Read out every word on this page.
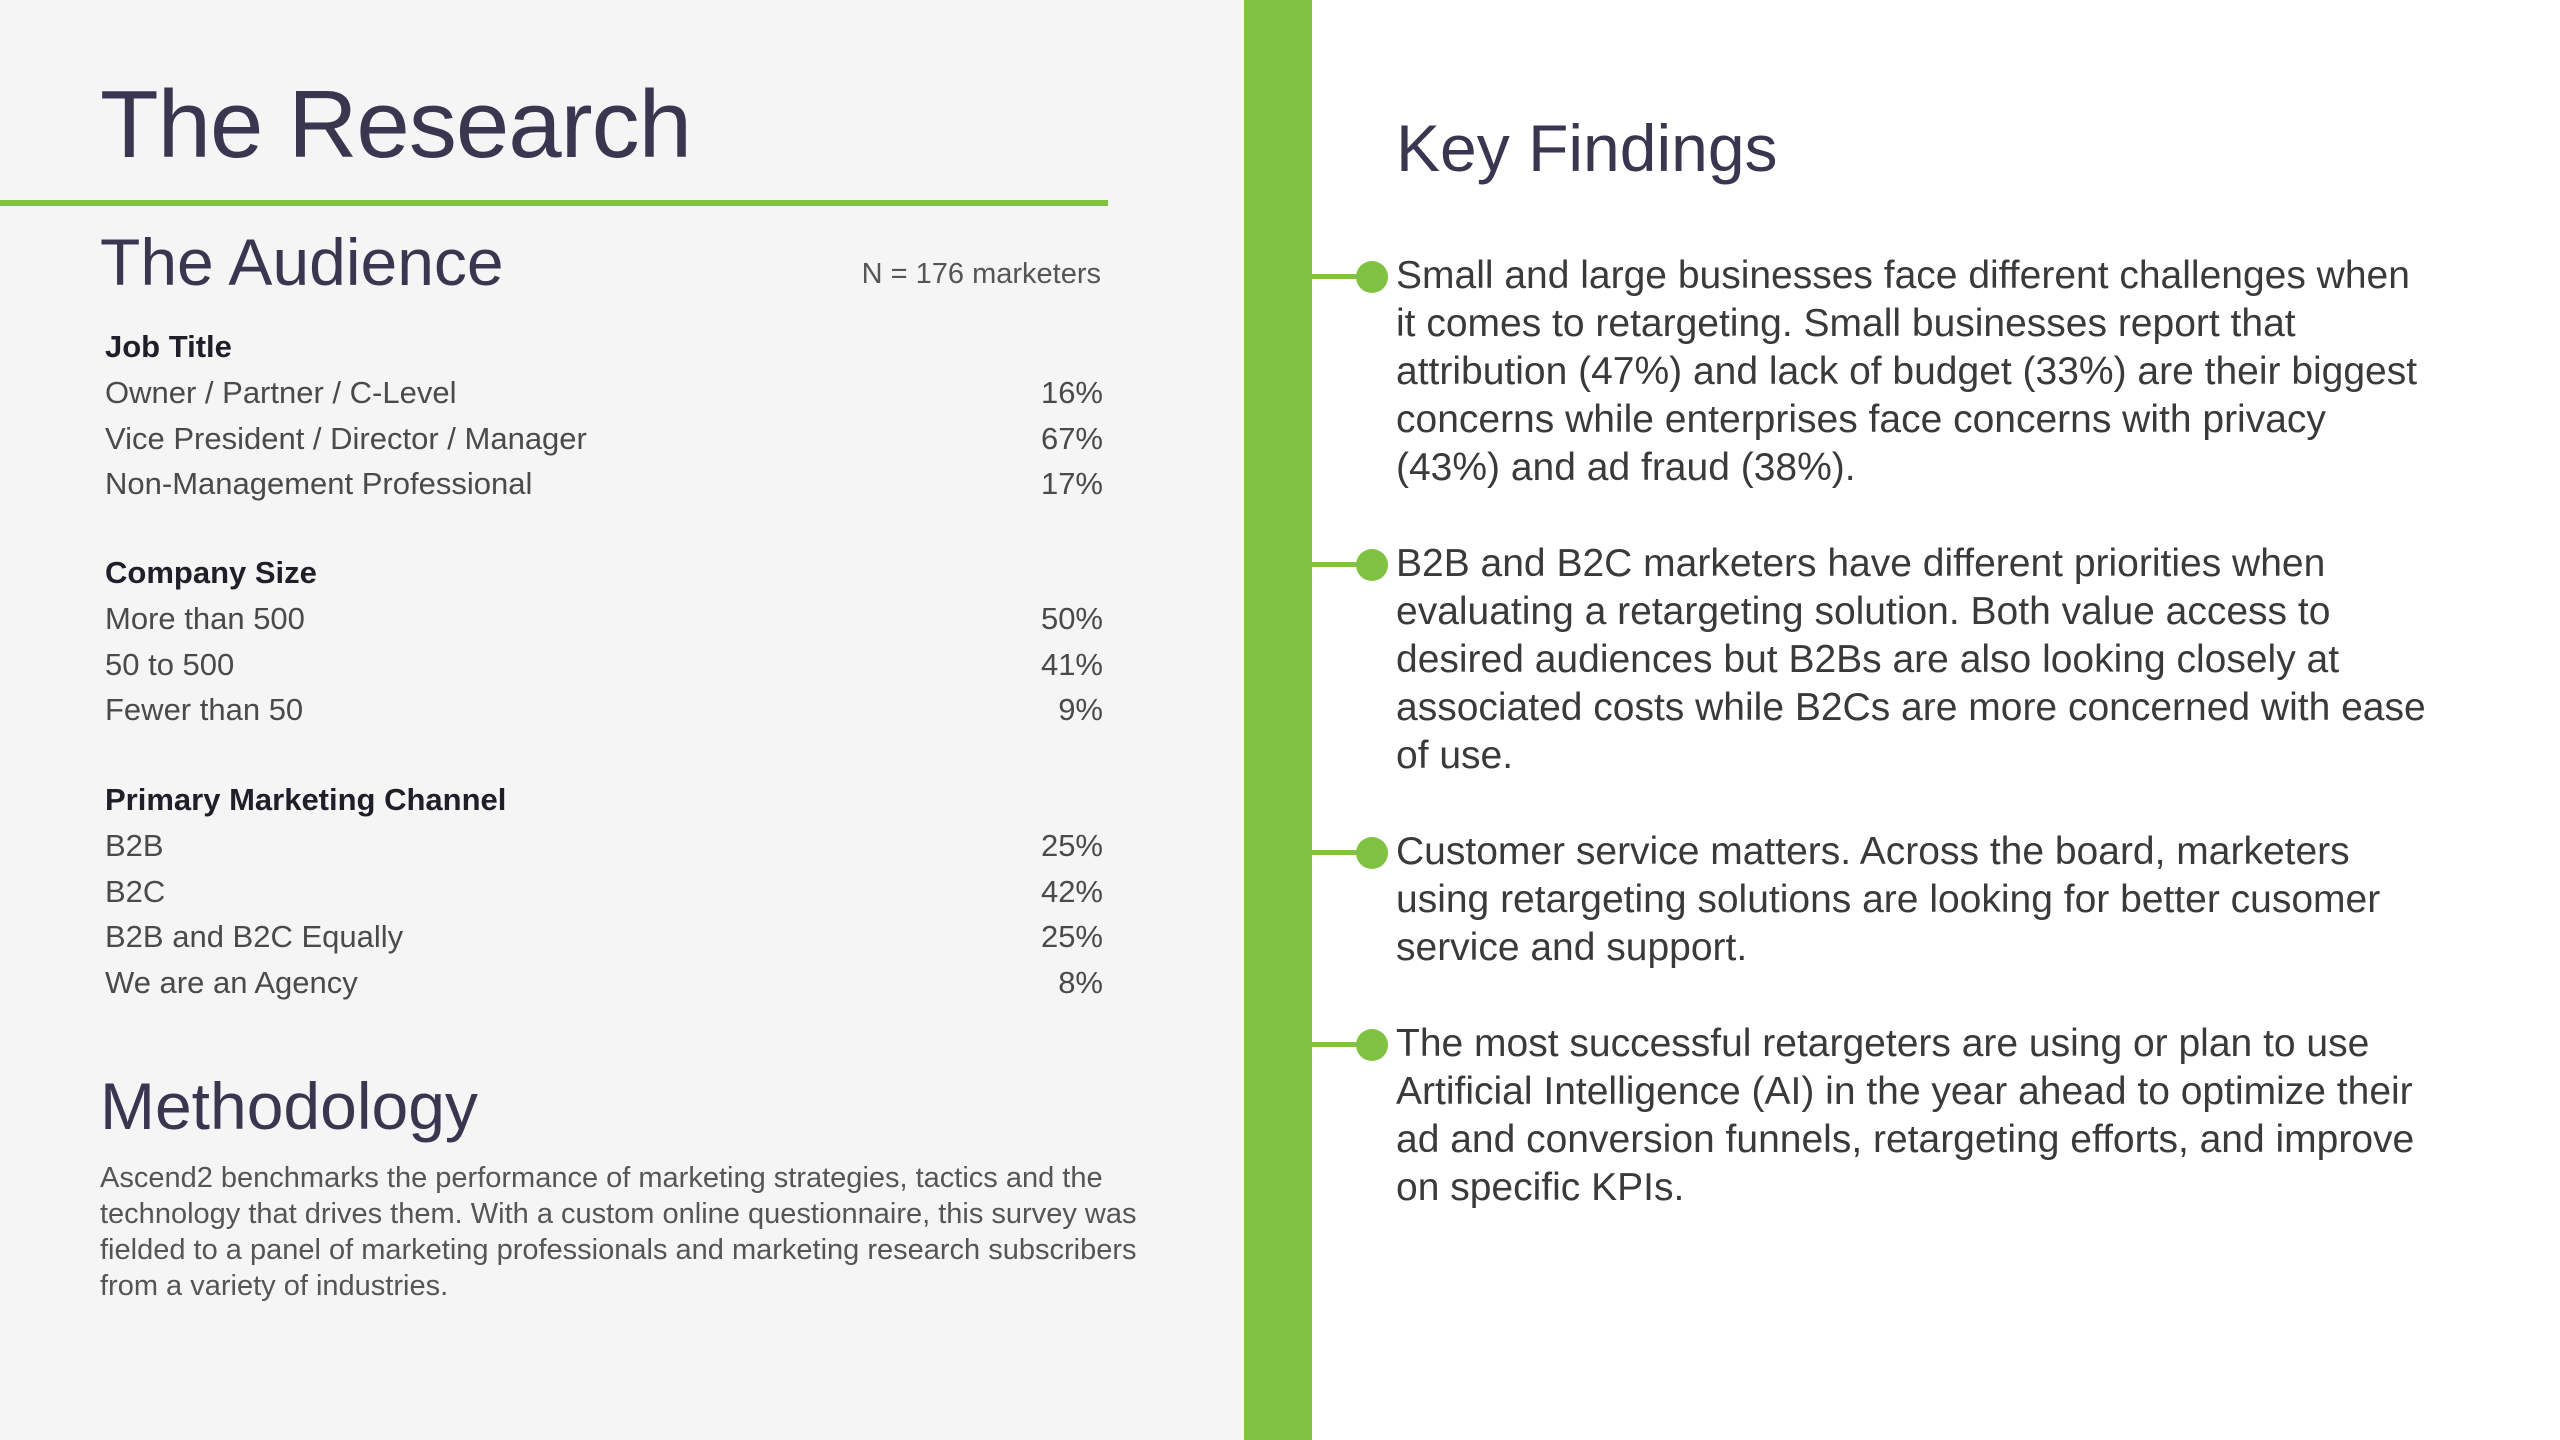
The Research
The Audience	N = 176 marketers
Job Title
Owner / Partner / C-Level	16%
Vice President / Director / Manager	67%
Non-Management Professional	17%
Company Size
More than 500	50%
50 to 500	41%
Fewer than 50	9%
Primary Marketing Channel
B2B	25%
B2C	42%
B2B and B2C Equally	25%
We are an Agency	8%
Methodology

Ascend2 benchmarks the performance of marketing strategies, tactics and the technology that drives them. With a custom online questionnaire, this survey was fielded to a panel of marketing professionals and marketing research subscribers from a variety of industries.

Key Findings

Small and large businesses face different challenges when it comes to retargeting. Small businesses report that attribution (47%) and lack of budget (33%) are their biggest concerns while enterprises face concerns with privacy (43%) and ad fraud (38%).

B2B and B2C marketers have different priorities when evaluating a retargeting solution. Both value access to desired audiences but B2Bs are also looking closely at associated costs while B2Cs are more concerned with ease of use.

Customer service matters. Across the board, marketers using retargeting solutions are looking for better cusomer service and support.

The most successful retargeters are using or plan to use Artificial Intelligence (AI) in the year ahead to optimize their ad and conversion funnels, retargeting efforts, and improve on specific KPIs.
